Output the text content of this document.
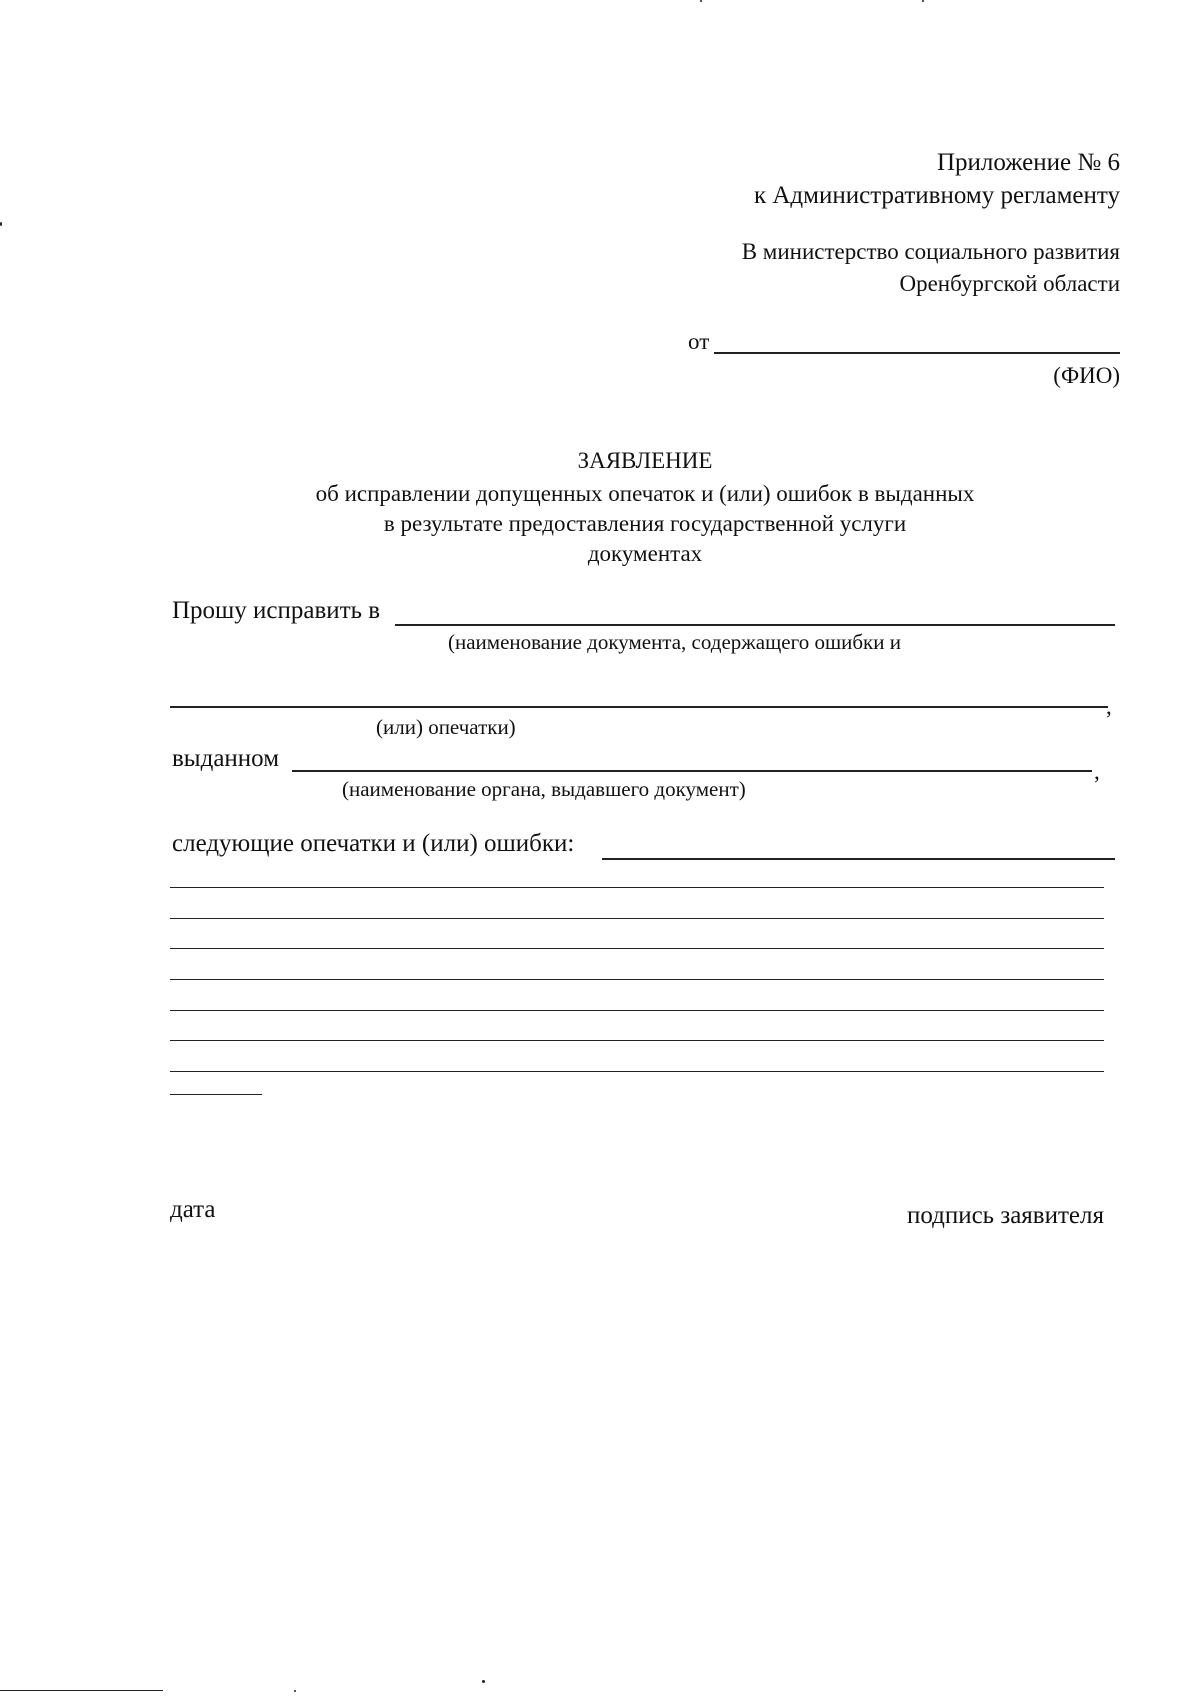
Приложение № 6
к Административному регламенту
В министерство социального развития
Оренбургской области
от
(ФИО)
ЗАЯВЛЕНИЕ
об исправлении допущенных опечаток и (или) ошибок в выданных
в результате предоставления государственной услуги
документах
Прошу исправить в
(наименование документа, содержащего ошибки и
,
(или) опечатки)
выданном	,
(наименование органа, выдавшего документ)
следующие опечатки и (или) ошибки:
дата	подпись заявителя
